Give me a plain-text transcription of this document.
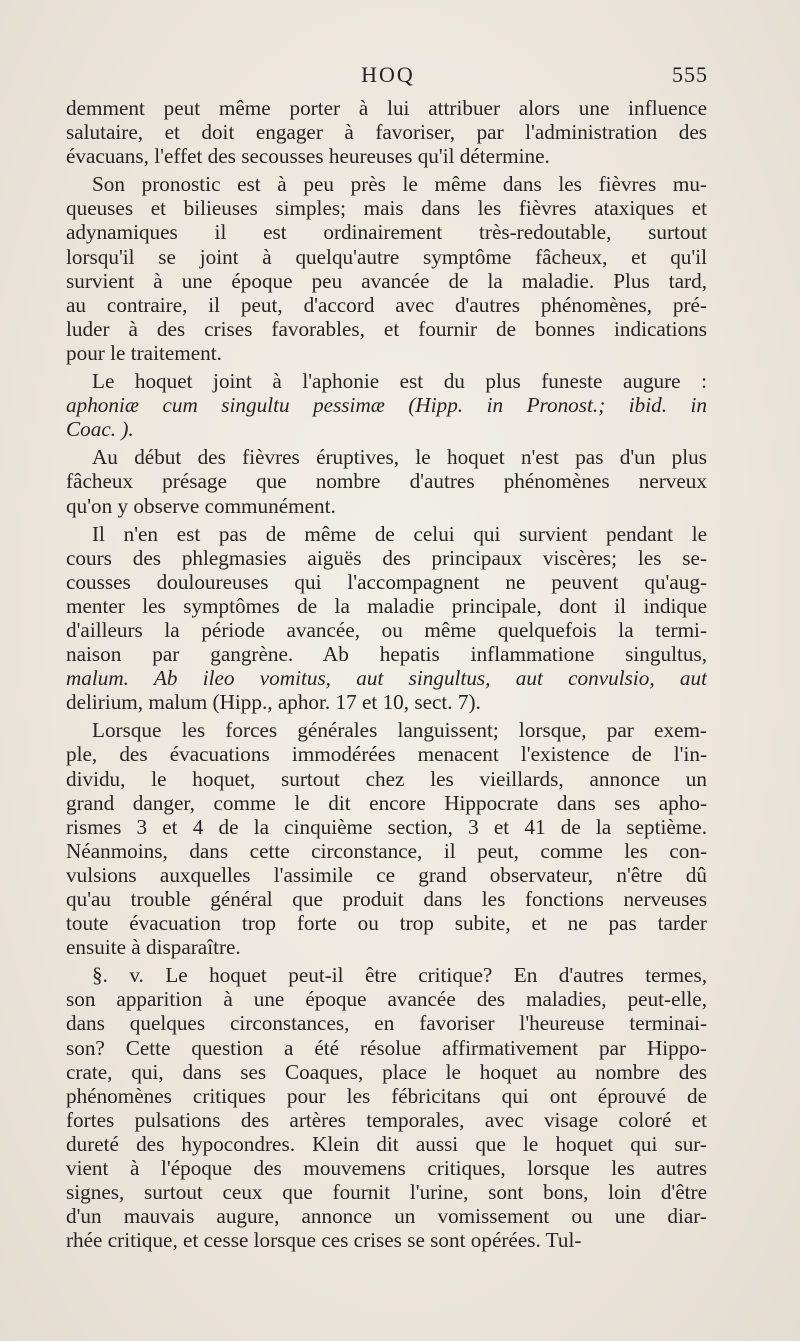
HOQ	555
demment peut même porter à lui attribuer alors une influence
salutaire, et doit engager à favoriser, par l'administration des
évacuans, l'effet des secousses heureuses qu'il détermine.
Son pronostic est à peu près le même dans les fièvres mu-
queuses et bilieuses simples; mais dans les fièvres ataxiques et
adynamiques il est ordinairement très-redoutable, surtout
lorsqu'il se joint à quelqu'autre symptôme fâcheux, et qu'il
survient à une époque peu avancée de la maladie. Plus tard,
au contraire, il peut, d'accord avec d'autres phénomènes, pré-
luder à des crises favorables, et fournir de bonnes indications
pour le traitement.
Le hoquet joint à l'aphonie est du plus funeste augure :
aphoniæ cum singultu pessimæ (Hipp. in Pronost.; ibid. in
Coac. ).
Au début des fièvres éruptives, le hoquet n'est pas d'un plus
fâcheux présage que nombre d'autres phénomènes nerveux
qu'on y observe communément.
Il n'en est pas de même de celui qui survient pendant le
cours des phlegmasies aiguës des principaux viscères; les se-
cousses douloureuses qui l'accompagnent ne peuvent qu'aug-
menter les symptômes de la maladie principale, dont il indique
d'ailleurs la période avancée, ou même quelquefois la termi-
naison par gangrène. Ab hepatis inflammatione singultus,
malum. Ab ileo vomitus, aut singultus, aut convulsio, aut
delirium, malum (Hipp., aphor. 17 et 10, sect. 7).
Lorsque les forces générales languissent; lorsque, par exem-
ple, des évacuations immodérées menacent l'existence de l'in-
dividu, le hoquet, surtout chez les vieillards, annonce un
grand danger, comme le dit encore Hippocrate dans ses apho-
rismes 3 et 4 de la cinquième section, 3 et 41 de la septième.
Néanmoins, dans cette circonstance, il peut, comme les con-
vulsions auxquelles l'assimile ce grand observateur, n'être dû
qu'au trouble général que produit dans les fonctions nerveuses
toute évacuation trop forte ou trop subite, et ne pas tarder
ensuite à disparaître.
§. v. Le hoquet peut-il être critique? En d'autres termes,
son apparition à une époque avancée des maladies, peut-elle,
dans quelques circonstances, en favoriser l'heureuse terminai-
son? Cette question a été résolue affirmativement par Hippo-
crate, qui, dans ses Coaques, place le hoquet au nombre des
phénomènes critiques pour les fébricitans qui ont éprouvé de
fortes pulsations des artères temporales, avec visage coloré et
dureté des hypocondres. Klein dit aussi que le hoquet qui sur-
vient à l'époque des mouvemens critiques, lorsque les autres
signes, surtout ceux que fournit l'urine, sont bons, loin d'être
d'un mauvais augure, annonce un vomissement ou une diar-
rhée critique, et cesse lorsque ces crises se sont opérées. Tul-
